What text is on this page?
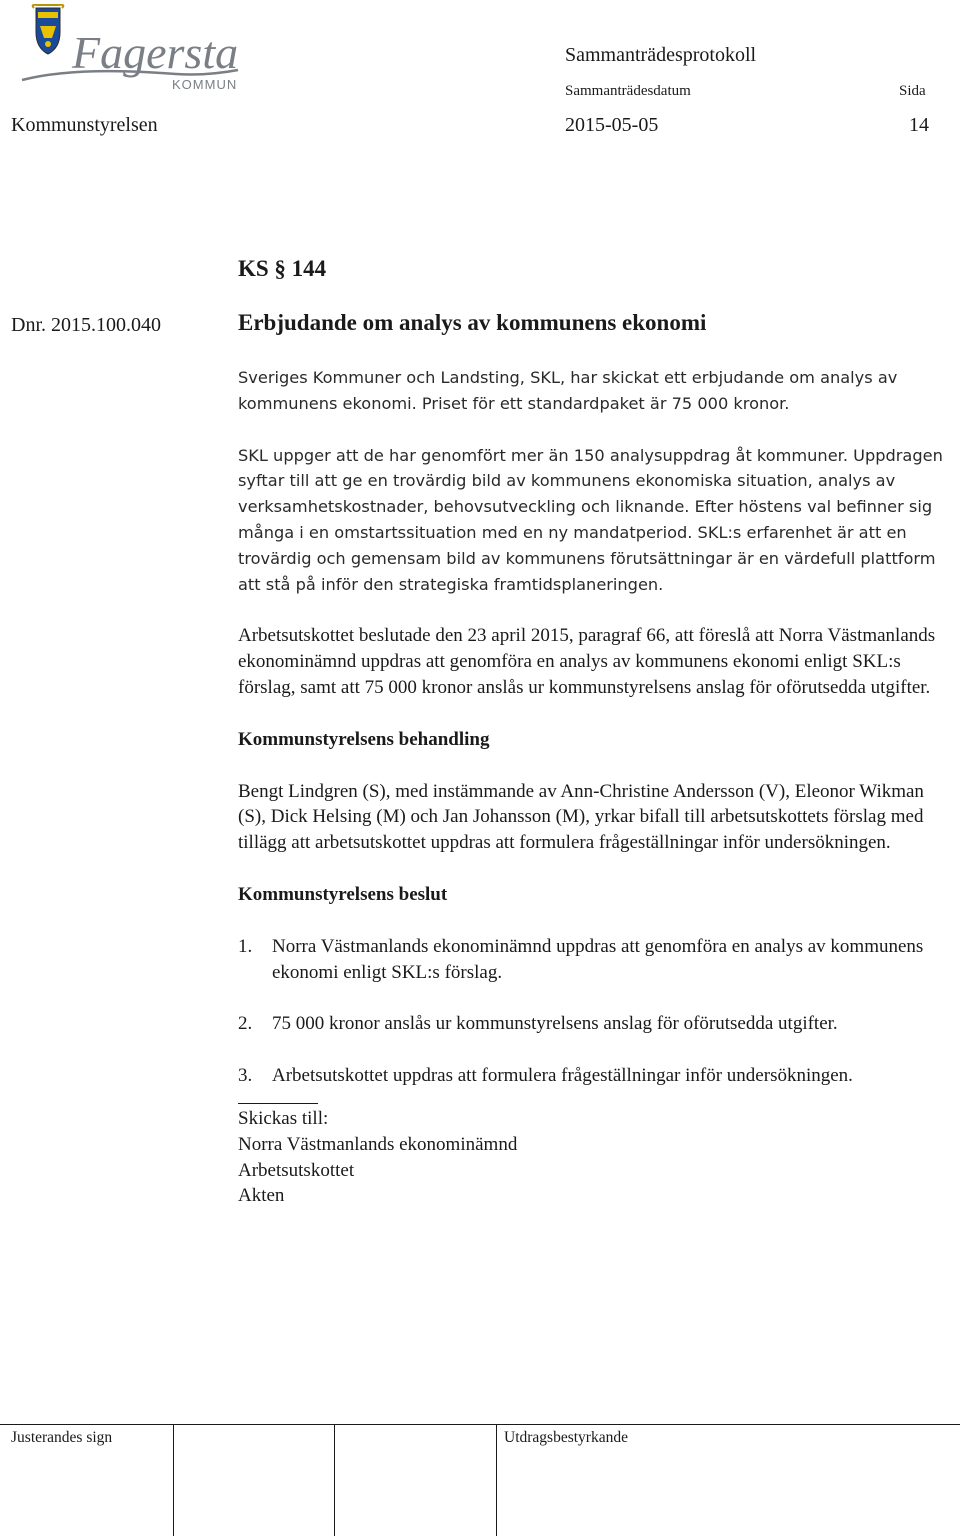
Fagersta
KOMMUN
Sammanträdesprotokoll
Sammanträdesdatum	Sida
Kommunstyrelsen	2015-05-05	14
KS § 144
Dnr. 2015.100.040	Erbjudande om analys av kommunens ekonomi

Sveriges Kommuner och Landsting, SKL, har skickat ett erbjudande om analys av kommunens ekonomi. Priset för ett standardpaket är 75 000 kronor.

SKL uppger att de har genomfört mer än 150 analysuppdrag åt kommuner. Uppdragen syftar till att ge en trovärdig bild av kommunens ekonomiska situation, analys av verksamhetskostnader, behovsutveckling och liknande. Efter höstens val befinner sig många i en omstartssituation med en ny mandatperiod. SKL:s erfarenhet är att en trovärdig och gemensam bild av kommunens förutsättningar är en värdefull plattform att stå på inför den strategiska framtidsplaneringen.

Arbetsutskottet beslutade den 23 april 2015, paragraf 66, att föreslå att Norra Västmanlands ekonominämnd uppdras att genomföra en analys av kommunens ekonomi enligt SKL:s förslag, samt att 75 000 kronor anslås ur kommunstyrelsens anslag för oförutsedda utgifter.

Kommunstyrelsens behandling

Bengt Lindgren (S), med instämmande av Ann-Christine Andersson (V), Eleonor Wikman (S), Dick Helsing (M) och Jan Johansson (M), yrkar bifall till arbetsutskottets förslag med tillägg att arbetsutskottet uppdras att formulera frågeställningar inför undersökningen.

Kommunstyrelsens beslut

1.	Norra Västmanlands ekonominämnd uppdras att genomföra en analys av kommunens ekonomi enligt SKL:s förslag.
2.	75 000 kronor anslås ur kommunstyrelsens anslag för oförutsedda utgifter.
3.	Arbetsutskottet uppdras att formulera frågeställningar inför undersökningen.
Skickas till:
Norra Västmanlands ekonominämnd
Arbetsutskottet
Akten
Justerandes sign	Utdragsbestyrkande
